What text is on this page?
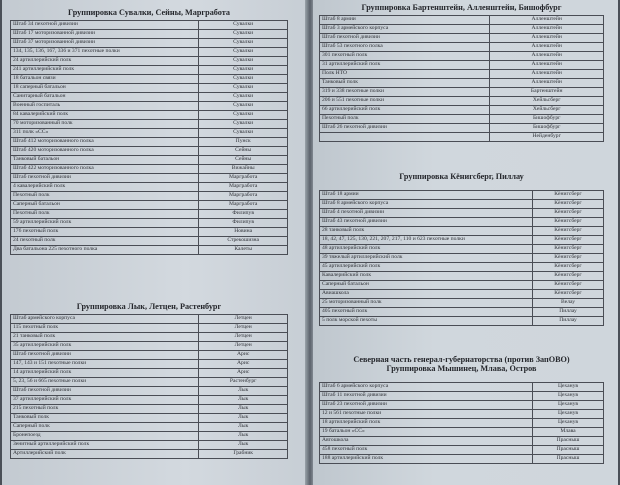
Группировка Сувалки, Сейны, Маргработа
Штаб 34 пехотной дивизии	Сувалки
Штаб 17 моторизованной дивизии	Сувалки
Штаб 37 моторизованной дивизии	Сувалки
134, 135, 136, 167, 336 и 371 пехотные полки	Сувалки
24 артиллерийский полк	Сувалки
241 артиллерийский полк	Сувалки
18 батальон связи	Сувалки
18 саперный батальон	Сувалки
Санитарный батальон	Сувалки
Военный госпиталь	Сувалки
84 кавалерийский полк	Сувалки
70 моторизованный полк	Сувалки
311 полк «СС»	Сувалки
Штаб 412 моторизованного полка	Пунск
Штаб 420 моторизованного полка	Сейны
Танковый батальон	Сейны
Штаб 422 моторизованного полка	Вижайны
Штаб пехотной дивизии	Маргработа
4 кавалерийский полк	Маргработа
Пехотный полк	Маргработа
Саперный батальон	Маргработа
Пехотный полк	Филипув
59 артиллерийский полк	Филипув
176 пехотный полк	Новина
24 пехотный полк	Стрекошизна
Два батальона 225 пехотного полка	Калеты
Группировка Лык, Летцен, Растенбург
Штаб армейского корпуса	Летцен
115 пехотный полк	Летцен
21 танковый полк	Летцен
35 артиллерийский полк	Летцен
Штаб пехотной дивизии	Арис
147, 143 и 151 пехотные полки	Арис
14 артиллерийский полк	Арис
5, 23, 56 и 665 пехотные полки	Растенбург
Штаб пехотной дивизии	Лык
37 артиллерийский полк	Лык
215 пехотный полк	Лык
Танковый полк	Лык
Саперный полк	Лык
Бронепоезд	Лык
Зенитный артиллерийский полк	Лык
Артиллерийский полк	Грабник
Группировка Бартенштейн, Алленштейн, Бишофбург
Штаб 8 армии	Алленштейн
Штаб 3 армейского корпуса	Алленштейн
Штаб пехотной дивизии	Алленштейн
Штаб 53 пехотного полка	Алленштейн
301 пехотный полк	Алленштейн
31 артиллерийский полк	Алленштейн
Полк НТО	Алленштейн
Танковый полк	Алленштейн
319 и 338 пехотные полки	Бартенштейн
206 и 551 пехотные полки	Хейльсберг
66 артиллерийский полк	Хейльсберг
Пехотный полк	Бишофбург
Штаб 26 пехотной дивизии	Бишофбург
	Нейденбург
Группировка Кёнигсберг, Пиллау
Штаб 18 армии	Кёнигсберг
Штаб 8 армейского корпуса	Кёнигсберг
Штаб 4 пехотной дивизии	Кёнигсберг
Штаб 43 пехотной дивизии	Кёнигсберг
28 танковый полк	Кёнигсберг
18, 42, 47, 125, 130, 221, 207, 217, 110 и 623 пехотные полки	Кёнигсберг
48 артиллерийский полк	Кёнигсберг
39 тяжелый артиллерийский полк	Кёнигсберг
45 артиллерийский полк	Кёнигсберг
Кавалерийский полк	Кёнигсберг
Саперный батальон	Кёнигсберг
Авиашкола	Кёнигсберг
25 моторизованный полк	Велау
405 пехотный полк	Пиллау
5 полк морской пехоты	Пиллау
Северная часть генерал-губернаторства (против ЗапОВО)
Группировка Мышинец, Млава, Остров
Штаб 6 армейского корпуса	Цеханув
Штаб 11 пехотной дивизии	Цеханув
Штаб 23 пехотной дивизии	Цеханув
12 и 561 пехотные полки	Цеханув
18 артиллерийский полк	Цеханув
19 батальон «СС»	Млава
Автошкола	Прасныш
458 пехотный полк	Прасныш
188 артиллерийский полк	Прасныш
